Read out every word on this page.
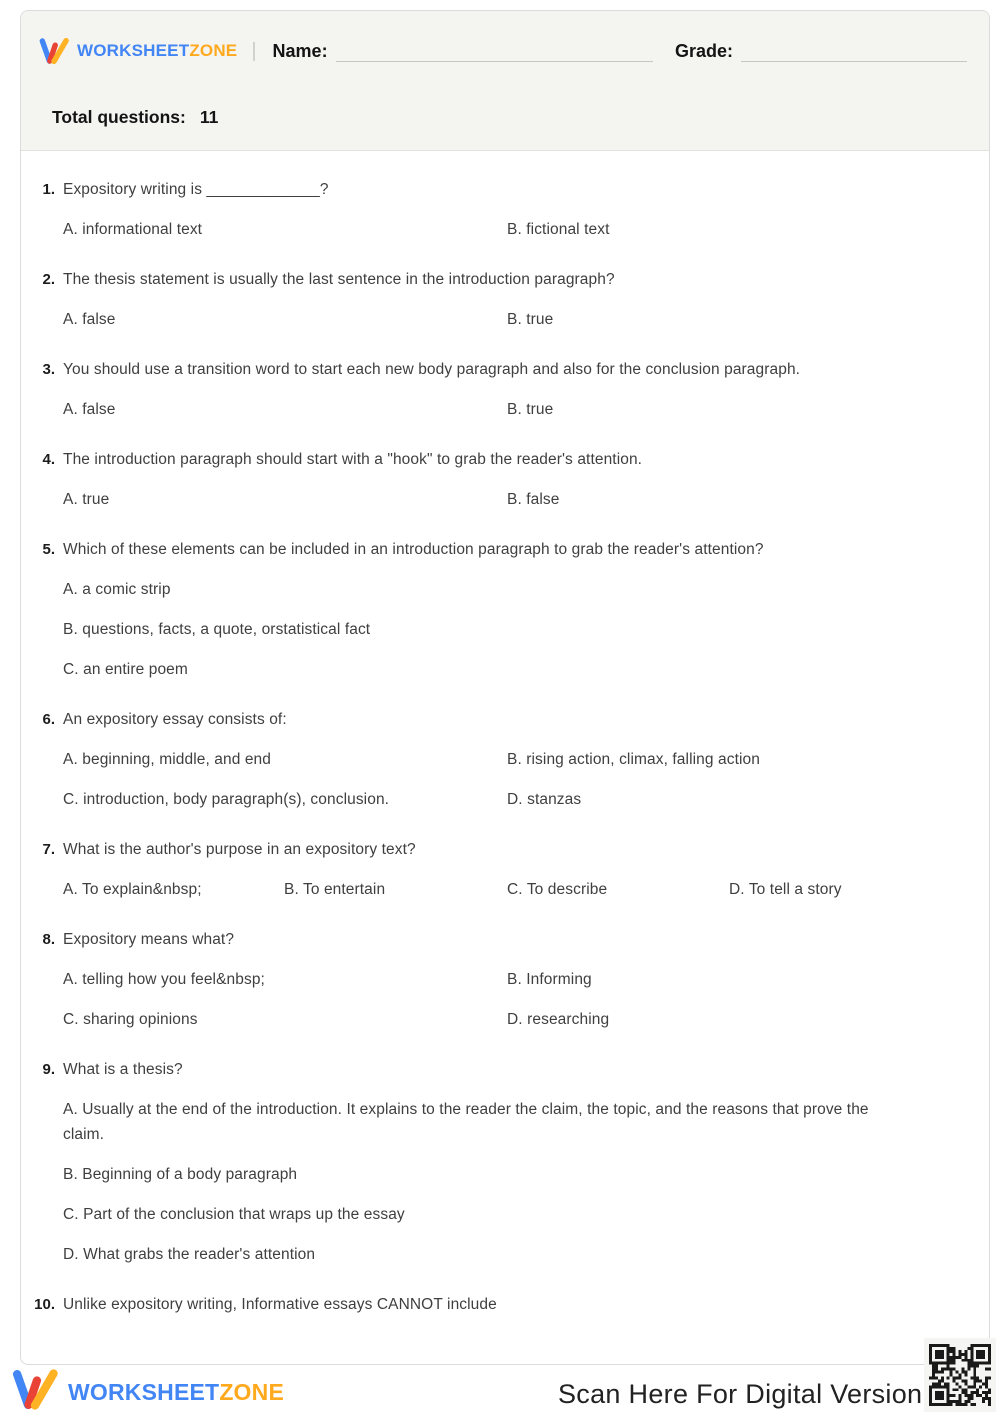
WORKSHEETZONE | Name:	Grade:
Total questions: 11
1. Expository writing is _____________?
A. informational text	B. fictional text
2. The thesis statement is usually the last sentence in the introduction paragraph?
A. false	B. true
3. You should use a transition word to start each new body paragraph and also for the conclusion paragraph.
A. false	B. true
4. The introduction paragraph should start with a "hook" to grab the reader's attention.
A. true	B. false
5. Which of these elements can be included in an introduction paragraph to grab the reader's attention?
A. a comic strip
B. questions, facts, a quote, orstatistical fact
C. an entire poem
6. An expository essay consists of:
A. beginning, middle, and end	B. rising action, climax, falling action
C. introduction, body paragraph(s), conclusion.	D. stanzas
7. What is the author's purpose in an expository text?
A. To explain&nbsp;	B. To entertain	C. To describe	D. To tell a story
8. Expository means what?
A. telling how you feel&nbsp;	B. Informing
C. sharing opinions	D. researching
9. What is a thesis?
A. Usually at the end of the introduction. It explains to the reader the claim, the topic, and the reasons that prove the claim.
B. Beginning of a body paragraph
C. Part of the conclusion that wraps up the essay
D. What grabs the reader's attention
10. Unlike expository writing, Informative essays CANNOT include
WORKSHEETZONE	Scan Here For Digital Version
